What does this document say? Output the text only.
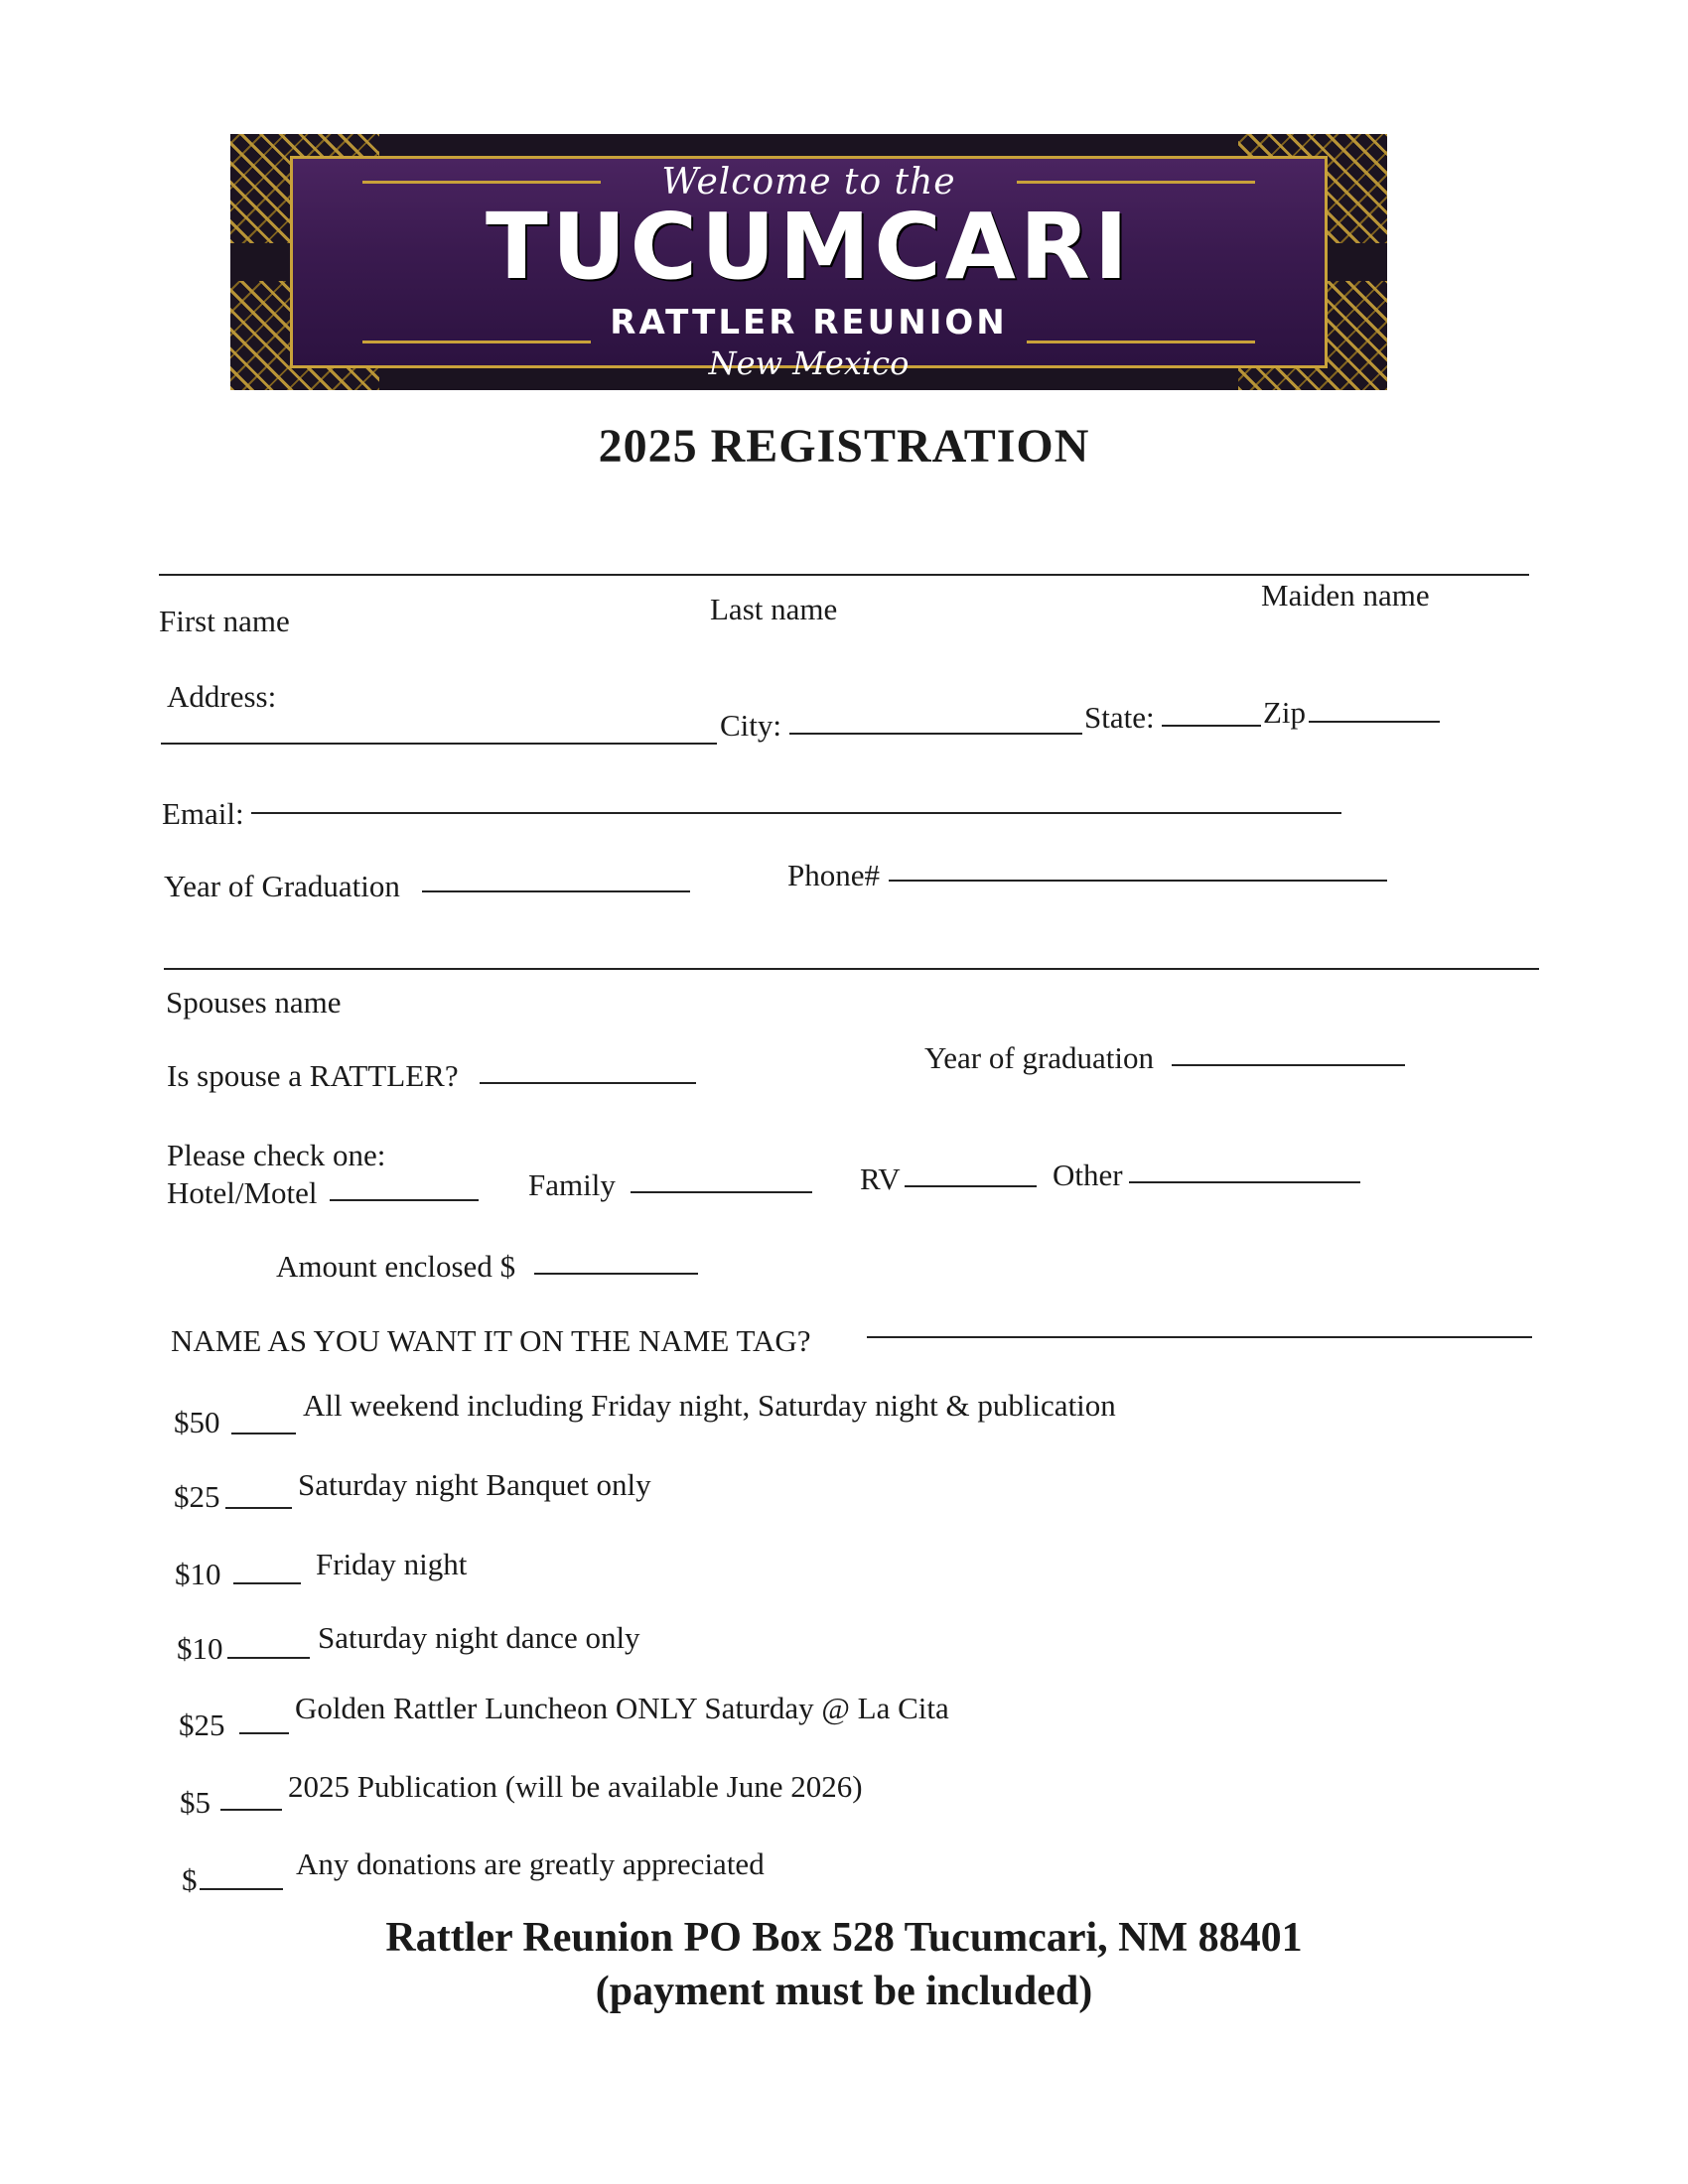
Welcome to the
TUCUMCARI
RATTLER REUNION
New Mexico
2025 REGISTRATION
First name	Last name	Maiden name
Address:
City:	State:	Zip
Email:
Year of Graduation	Phone#
Spouses name
Is spouse a RATTLER?
Year of graduation
Please check one:
Hotel/Motel	Family	RV	Other
Amount enclosed $
NAME AS YOU WANT IT ON THE NAME TAG?
$50	All weekend including Friday night, Saturday night & publication
$25	Saturday night Banquet only
$10	Friday night
$10	Saturday night dance only
$25 Golden Rattler Luncheon ONLY Saturday @ La Cita
$5	2025 Publication (will be available June 2026)
$	Any donations are greatly appreciated
Rattler Reunion PO Box 528 Tucumcari, NM 88401
(payment must be included)
